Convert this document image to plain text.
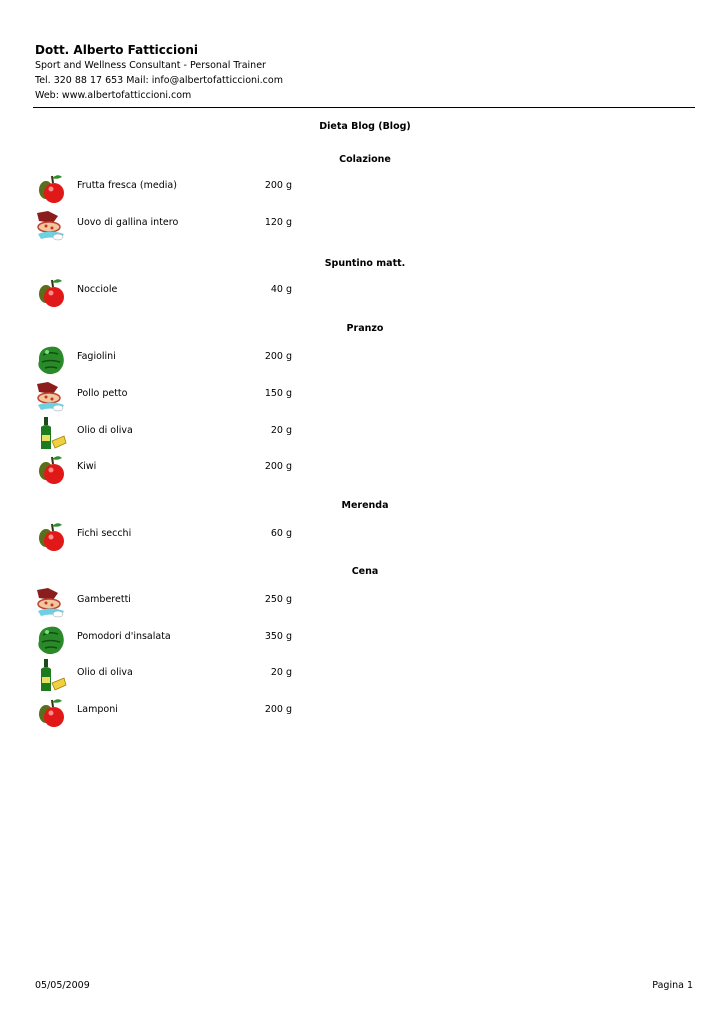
Dott. Alberto Fatticcioni
Sport and Wellness Consultant - Personal Trainer
Tel. 320 88 17 653 Mail: info@albertofatticcioni.com
Web: www.albertofatticcioni.com
Dieta Blog (Blog)
Colazione
Frutta fresca (media)	200 g
Uovo di gallina intero	120 g
Spuntino matt.
Nocciole	40 g
Pranzo
Fagiolini	200 g
Pollo petto	150 g
Olio di oliva	20 g
Kiwi	200 g
Merenda
Fichi secchi	60 g
Cena
Gamberetti	250 g
Pomodori d'insalata	350 g
Olio di oliva	20 g
Lamponi	200 g
05/05/2009	Pagina 1
